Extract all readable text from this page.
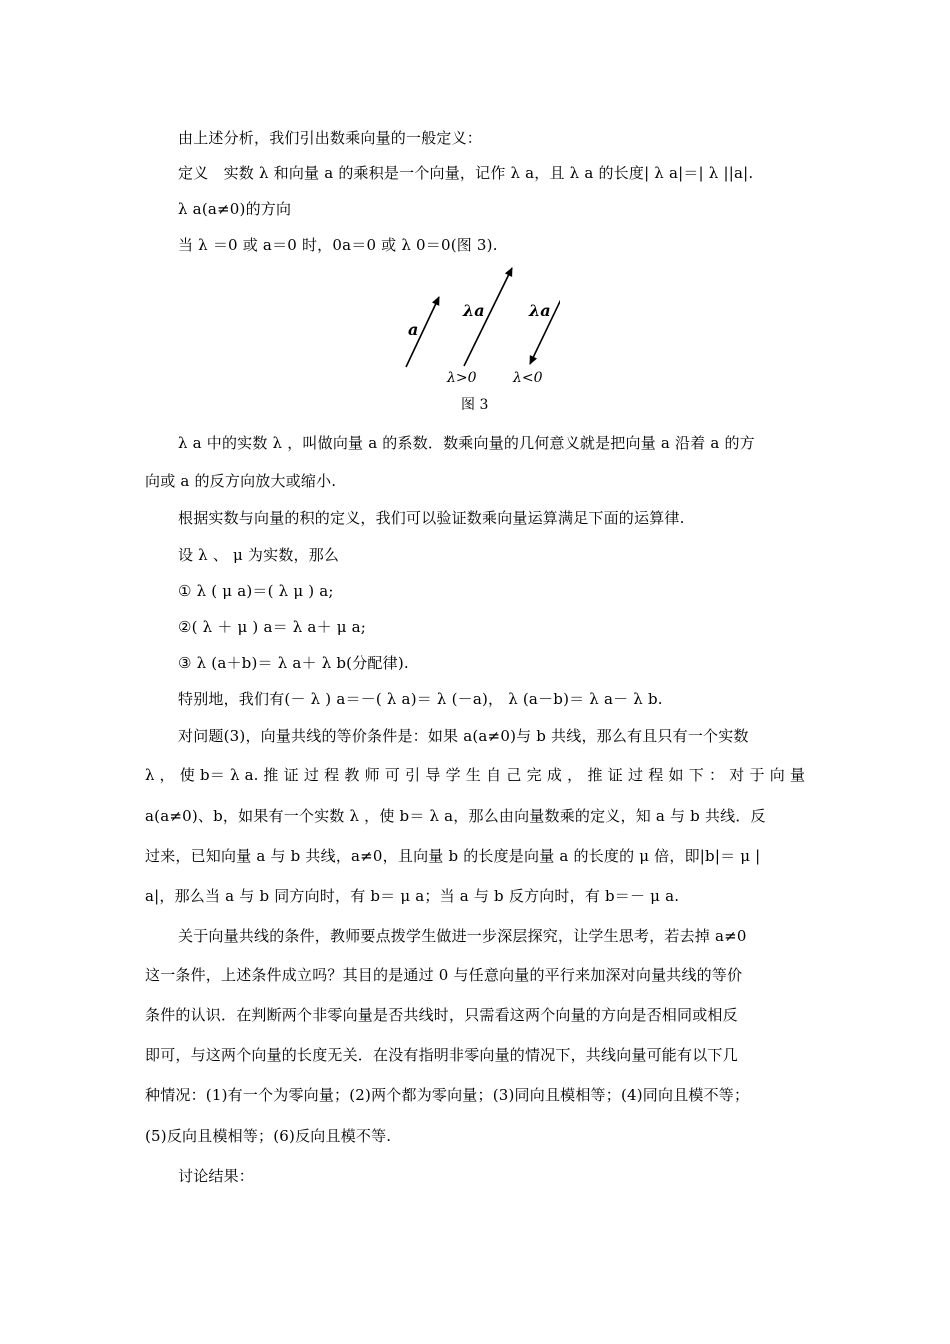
由上述分析，我们引出数乘向量的一般定义：
定义　实数 λ 和向量 a 的乘积是一个向量，记作 λ a，且 λ a 的长度| λ a|＝| λ ||a|.
λ a(a≠0)的方向
当 λ ＝0 或 a＝0 时，0a＝0 或 λ 0＝0(图 3).
a
λa	λa
λ>0	λ<0
图 3
λ a 中的实数 λ ，叫做向量 a 的系数．数乘向量的几何意义就是把向量 a 沿着 a 的方
向或 a 的反方向放大或缩小.
根据实数与向量的积的定义，我们可以验证数乘向量运算满足下面的运算律.
设 λ 、 μ 为实数，那么
① λ ( μ a)＝( λ μ ) a;
②( λ ＋ μ ) a＝ λ a＋ μ a;
③ λ (a＋b)＝ λ a＋ λ b(分配律).
特别地，我们有(－ λ ) a＝－( λ a)＝ λ (－a)， λ (a－b)＝ λ a－ λ b.
对问题(3)，向量共线的等价条件是：如果 a(a≠0)与 b 共线，那么有且只有一个实数
λ ， 使 b＝ λ a. 推 证 过 程 教 师 可 引 导 学 生 自 己 完 成 ， 推 证 过 程 如 下 ： 对 于 向 量
a(a≠0)、b，如果有一个实数 λ ，使 b＝ λ a，那么由向量数乘的定义，知 a 与 b 共线．反
过来，已知向量 a 与 b 共线，a≠0，且向量 b 的长度是向量 a 的长度的 μ 倍，即|b|＝ μ |
a|，那么当 a 与 b 同方向时，有 b＝ μ a；当 a 与 b 反方向时，有 b＝－ μ a.
关于向量共线的条件，教师要点拨学生做进一步深层探究，让学生思考，若去掉 a≠0
这一条件，上述条件成立吗？其目的是通过 0 与任意向量的平行来加深对向量共线的等价
条件的认识．在判断两个非零向量是否共线时，只需看这两个向量的方向是否相同或相反
即可，与这两个向量的长度无关．在没有指明非零向量的情况下，共线向量可能有以下几
种情况：(1)有一个为零向量；(2)两个都为零向量；(3)同向且模相等；(4)同向且模不等；
(5)反向且模相等；(6)反向且模不等.
讨论结果：
